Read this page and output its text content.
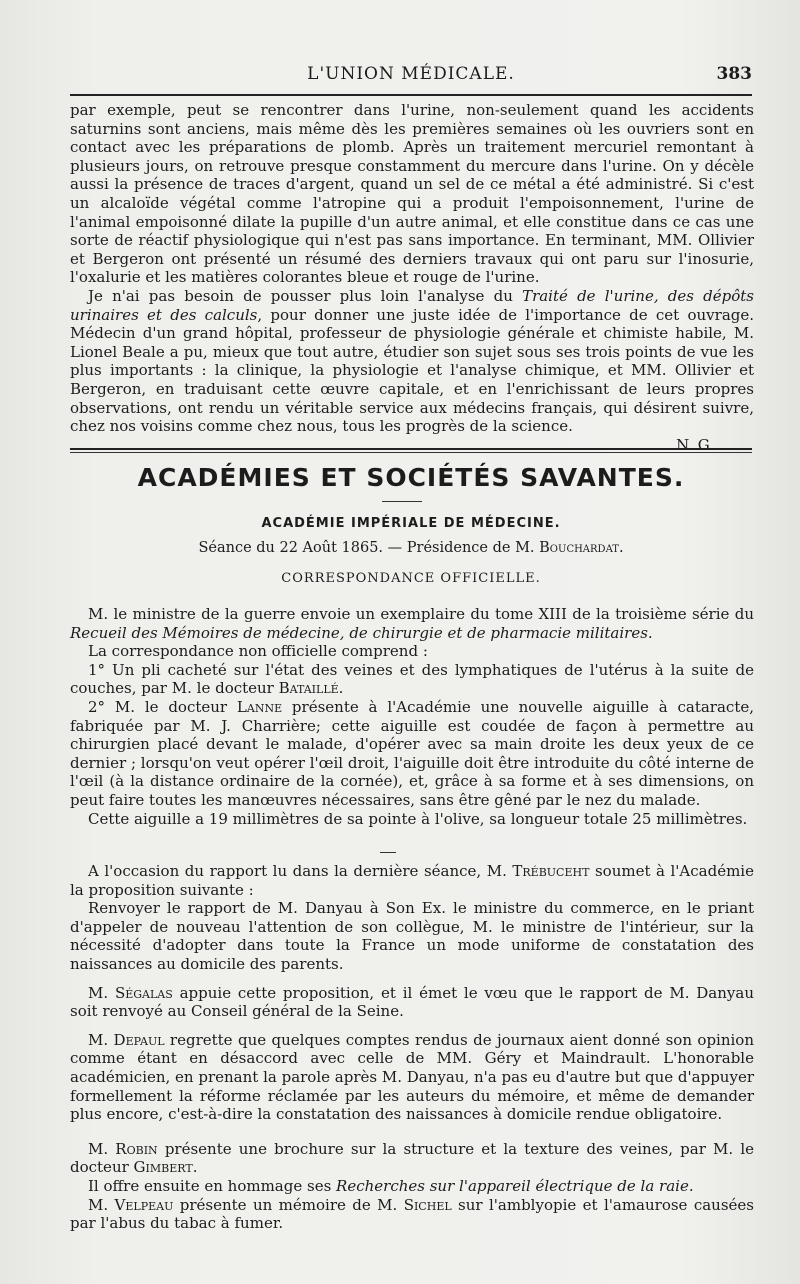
L'UNION MÉDICALE.	383

par exemple, peut se rencontrer dans l'urine, non-seulement quand les accidents saturnins sont anciens, mais même dès les premières semaines où les ouvriers sont en contact avec les préparations de plomb. Après un traitement mercuriel remontant à plusieurs jours, on retrouve presque constamment du mercure dans l'urine. On y décèle aussi la présence de traces d'argent, quand un sel de ce métal a été administré. Si c'est un alcaloïde végétal comme l'atropine qui a produit l'empoisonnement, l'urine de l'animal empoisonné dilate la pupille d'un autre animal, et elle constitue dans ce cas une sorte de réactif physiologique qui n'est pas sans importance. En terminant, MM. Ollivier et Bergeron ont présenté un résumé des derniers travaux qui ont paru sur l'inosurie, l'oxalurie et les matières colorantes bleue et rouge de l'urine.

Je n'ai pas besoin de pousser plus loin l'analyse du Traité de l'urine, des dépôts urinaires et des calculs, pour donner une juste idée de l'importance de cet ouvrage. Médecin d'un grand hôpital, professeur de physiologie générale et chimiste habile, M. Lionel Beale a pu, mieux que tout autre, étudier son sujet sous ses trois points de vue les plus importants : la clinique, la physiologie et l'analyse chimique, et MM. Ollivier et Bergeron, en traduisant cette œuvre capitale, et en l'enrichissant de leurs propres observations, ont rendu un véritable service aux médecins français, qui désirent suivre, chez nos voisins comme chez nous, tous les progrès de la science.

N. G.

ACADÉMIES ET SOCIÉTÉS SAVANTES.
ACADÉMIE IMPÉRIALE DE MÉDECINE.
Séance du 22 Août 1865. — Présidence de M. Bouchardat.
CORRESPONDANCE OFFICIELLE.

M. le ministre de la guerre envoie un exemplaire du tome XIII de la troisième série du Recueil des Mémoires de médecine, de chirurgie et de pharmacie militaires.

La correspondance non officielle comprend :

1° Un pli cacheté sur l'état des veines et des lymphatiques de l'utérus à la suite de couches, par M. le docteur Bataillé.

2° M. le docteur Lanne présente à l'Académie une nouvelle aiguille à cataracte, fabriquée par M. J. Charrière; cette aiguille est coudée de façon à permettre au chirurgien placé devant le malade, d'opérer avec sa main droite les deux yeux de ce dernier ; lorsqu'on veut opérer l'œil droit, l'aiguille doit être introduite du côté interne de l'œil (à la distance ordinaire de la cornée), et, grâce à sa forme et à ses dimensions, on peut faire toutes les manœuvres nécessaires, sans être gêné par le nez du malade.

Cette aiguille a 19 millimètres de sa pointe à l'olive, sa longueur totale 25 millimètres.

A l'occasion du rapport lu dans la dernière séance, M. Trébuceht soumet à l'Académie la proposition suivante :

Renvoyer le rapport de M. Danyau à Son Ex. le ministre du commerce, en le priant d'appeler de nouveau l'attention de son collègue, M. le ministre de l'intérieur, sur la nécessité d'adopter dans toute la France un mode uniforme de constatation des naissances au domicile des parents.

M. Ségalas appuie cette proposition, et il émet le vœu que le rapport de M. Danyau soit renvoyé au Conseil général de la Seine.

M. Depaul regrette que quelques comptes rendus de journaux aient donné son opinion comme étant en désaccord avec celle de MM. Géry et Maindrault. L'honorable académicien, en prenant la parole après M. Danyau, n'a pas eu d'autre but que d'appuyer formellement la réforme réclamée par les auteurs du mémoire, et même de demander plus encore, c'est-à-dire la constatation des naissances à domicile rendue obligatoire.

M. Robin présente une brochure sur la structure et la texture des veines, par M. le docteur Gimbert.

Il offre ensuite en hommage ses Recherches sur l'appareil électrique de la raie.

M. Velpeau présente un mémoire de M. Sichel sur l'amblyopie et l'amaurose causées par l'abus du tabac à fumer.
